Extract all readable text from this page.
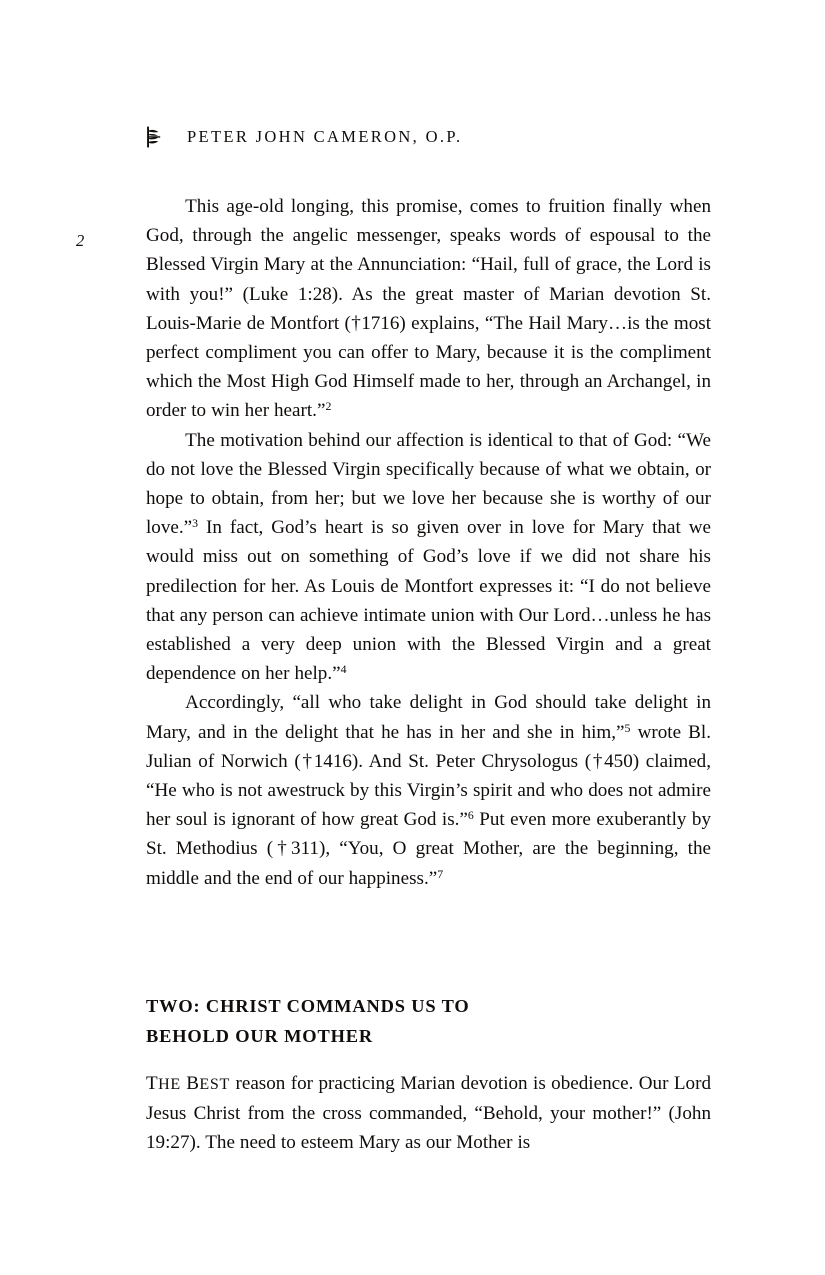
PETER JOHN CAMERON, O.P.
2

This age-old longing, this promise, comes to fruition finally when God, through the angelic messenger, speaks words of espousal to the Blessed Virgin Mary at the Annunciation: “Hail, full of grace, the Lord is with you!” (Luke 1:28). As the great master of Marian devotion St. Louis-Marie de Montfort (†1716) explains, “The Hail Mary…is the most perfect compliment you can offer to Mary, because it is the compliment which the Most High God Himself made to her, through an Archangel, in order to win her heart.”$^2$

The motivation behind our affection is identical to that of God: “We do not love the Blessed Virgin specifically because of what we obtain, or hope to obtain, from her; but we love her because she is worthy of our love.”$^3$ In fact, God’s heart is so given over in love for Mary that we would miss out on something of God’s love if we did not share his predilection for her. As Louis de Montfort expresses it: “I do not believe that any person can achieve intimate union with Our Lord…unless he has established a very deep union with the Blessed Virgin and a great dependence on her help.”$^4$

Accordingly, “all who take delight in God should take delight in Mary, and in the delight that he has in her and she in him,”$^5$ wrote Bl. Julian of Norwich (†1416). And St. Peter Chrysologus (†450) claimed, “He who is not awestruck by this Virgin’s spirit and who does not admire her soul is ignorant of how great God is.”$^6$ Put even more exuberantly by St. Methodius (†311), “You, O great Mother, are the beginning, the middle and the end of our happiness.”$^7$

TWO: CHRIST COMMANDS US TO
BEHOLD OUR MOTHER

THE BEST reason for practicing Marian devotion is obedience. Our Lord Jesus Christ from the cross commanded, “Behold, your mother!” (John 19:27). The need to esteem Mary as our Mother is
